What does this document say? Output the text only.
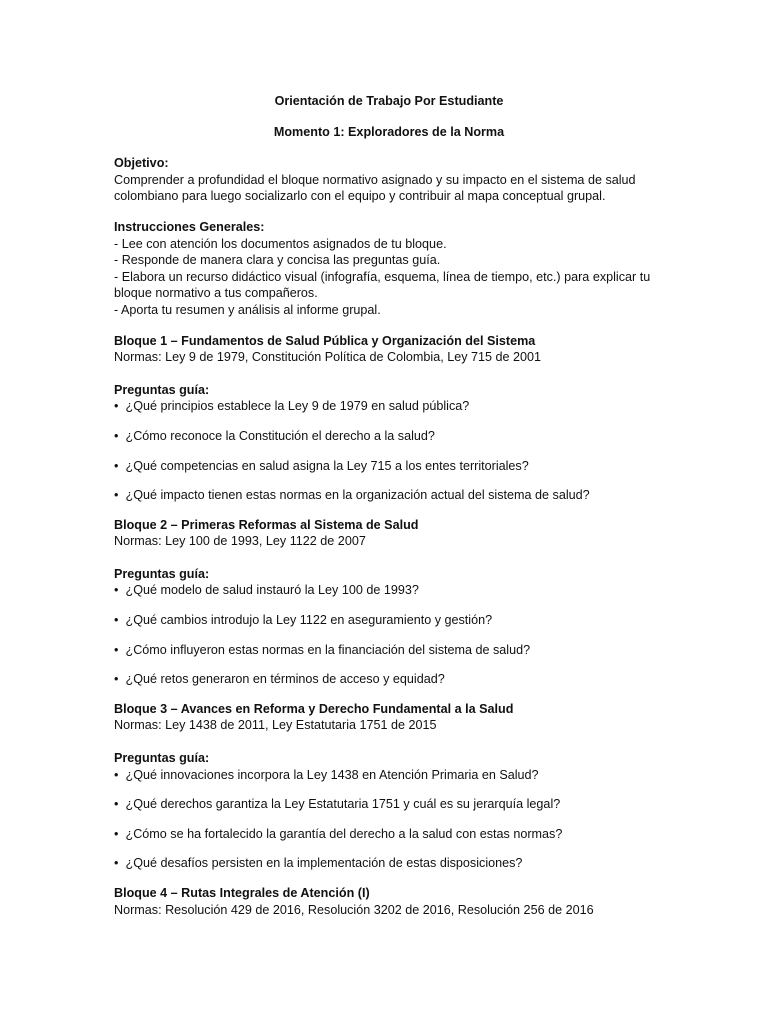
Orientación de Trabajo Por Estudiante

Momento 1: Exploradores de la Norma

Objetivo:

Comprender a profundidad el bloque normativo asignado y su impacto en el sistema de salud colombiano para luego socializarlo con el equipo y contribuir al mapa conceptual grupal.

Instrucciones Generales:

- Lee con atención los documentos asignados de tu bloque.

- Responde de manera clara y concisa las preguntas guía.

- Elabora un recurso didáctico visual (infografía, esquema, línea de tiempo, etc.) para explicar tu bloque normativo a tus compañeros.

- Aporta tu resumen y análisis al informe grupal.

Bloque 1 – Fundamentos de Salud Pública y Organización del Sistema

Normas: Ley 9 de 1979, Constitución Política de Colombia, Ley 715 de 2001

Preguntas guía:

• ¿Qué principios establece la Ley 9 de 1979 en salud pública?
• ¿Cómo reconoce la Constitución el derecho a la salud?
• ¿Qué competencias en salud asigna la Ley 715 a los entes territoriales?
• ¿Qué impacto tienen estas normas en la organización actual del sistema de salud?

Bloque 2 – Primeras Reformas al Sistema de Salud

Normas: Ley 100 de 1993, Ley 1122 de 2007

Preguntas guía:

• ¿Qué modelo de salud instauró la Ley 100 de 1993?
• ¿Qué cambios introdujo la Ley 1122 en aseguramiento y gestión?
• ¿Cómo influyeron estas normas en la financiación del sistema de salud?
• ¿Qué retos generaron en términos de acceso y equidad?

Bloque 3 – Avances en Reforma y Derecho Fundamental a la Salud

Normas: Ley 1438 de 2011, Ley Estatutaria 1751 de 2015

Preguntas guía:

• ¿Qué innovaciones incorpora la Ley 1438 en Atención Primaria en Salud?
• ¿Qué derechos garantiza la Ley Estatutaria 1751 y cuál es su jerarquía legal?
• ¿Cómo se ha fortalecido la garantía del derecho a la salud con estas normas?
• ¿Qué desafíos persisten en la implementación de estas disposiciones?

Bloque 4 – Rutas Integrales de Atención (I)

Normas: Resolución 429 de 2016, Resolución 3202 de 2016, Resolución 256 de 2016
